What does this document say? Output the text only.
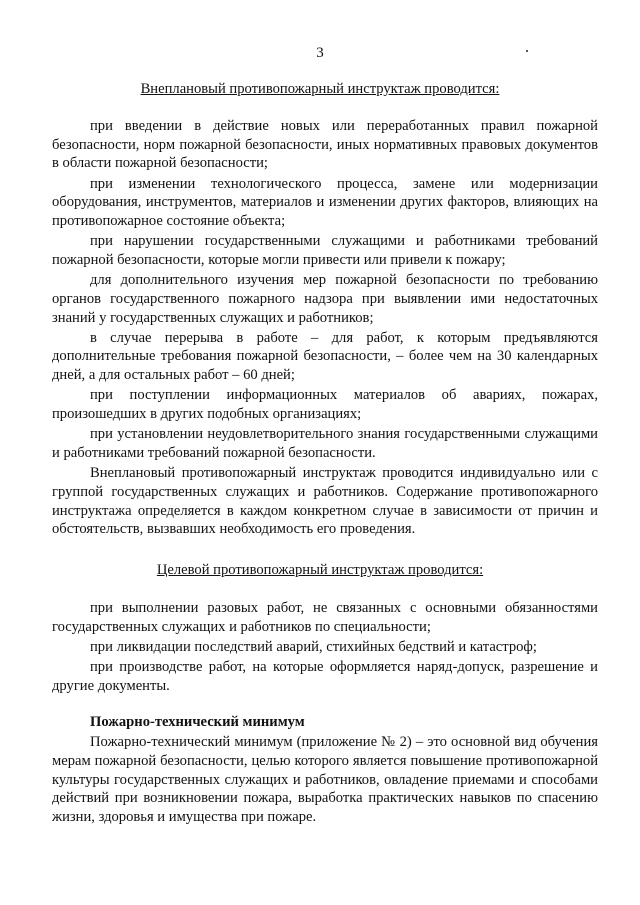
3
Внеплановый противопожарный инструктаж проводится:

при введении в действие новых или переработанных правил пожарной безопасности, норм пожарной безопасности, иных нормативных правовых документов в области пожарной безопасности;

при изменении технологического процесса, замене или модернизации оборудования, инструментов, материалов и изменении других факторов, влияющих на противопожарное состояние объекта;

при нарушении государственными служащими и работниками требований пожарной безопасности, которые могли привести или привели к пожару;

для дополнительного изучения мер пожарной безопасности по требованию органов государственного пожарного надзора при выявлении ими недостаточных знаний у государственных служащих и работников;

в случае перерыва в работе – для работ, к которым предъявляются дополнительные требования пожарной безопасности, – более чем на 30 календарных дней, а для остальных работ – 60 дней;

при поступлении информационных материалов об авариях, пожарах, произошедших в других подобных организациях;

при установлении неудовлетворительного знания государственными служащими и работниками требований пожарной безопасности.

Внеплановый противопожарный инструктаж проводится индивидуально или с группой государственных служащих и работников. Содержание противопожарного инструктажа определяется в каждом конкретном случае в зависимости от причин и обстоятельств, вызвавших необходимость его проведения.

Целевой противопожарный инструктаж проводится:

при выполнении разовых работ, не связанных с основными обязанностями государственных служащих и работников по специальности;

при ликвидации последствий аварий, стихийных бедствий и катастроф;

при производстве работ, на которые оформляется наряд-допуск, разрешение и другие документы.

Пожарно-технический минимум

Пожарно-технический минимум (приложение № 2) – это основной вид обучения мерам пожарной безопасности, целью которого является повышение противопожарной культуры государственных служащих и работников, овладение приемами и способами действий при возникновении пожара, выработка практических навыков по спасению жизни, здоровья и имущества при пожаре.
